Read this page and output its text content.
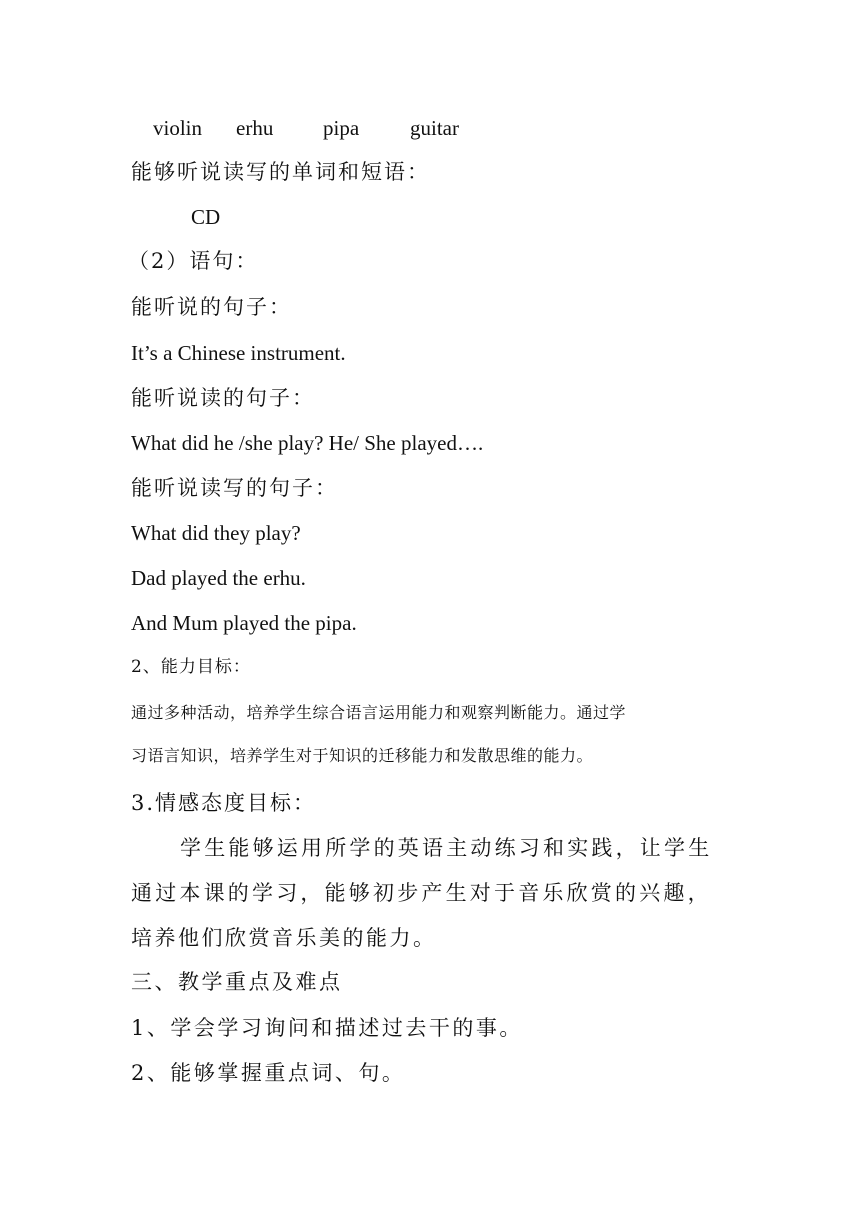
violin erhu pipa guitar
能够听说读写的单词和短语：
CD
（2）语句：
能听说的句子：
It’s a Chinese instrument.
能听说读的句子：
What did he /she play? He/ She played….
能听说读写的句子：
What did they play?
Dad played the erhu.
And Mum played the pipa.
2、能力目标：
通过多种活动，培养学生综合语言运用能力和观察判断能力。通过学
习语言知识，培养学生对于知识的迁移能力和发散思维的能力。
3.情感态度目标：
学生能够运用所学的英语主动练习和实践，让学生
通过本课的学习，能够初步产生对于音乐欣赏的兴趣，
培养他们欣赏音乐美的能力。
三、教学重点及难点
1、学会学习询问和描述过去干的事。
2、能够掌握重点词、句。
